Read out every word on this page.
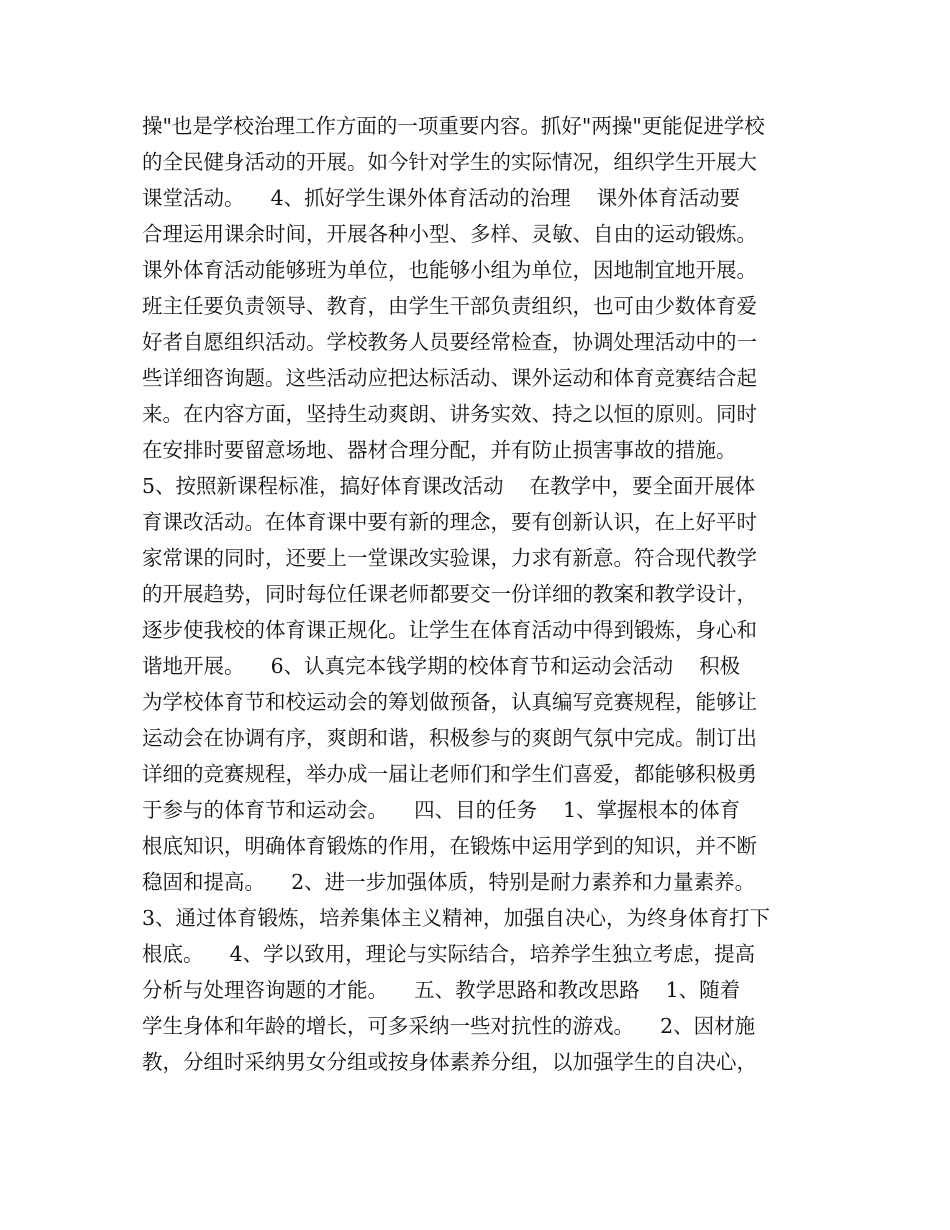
操"也是学校治理工作方面的一项重要内容。抓好"两操"更能促进学校
的全民健身活动的开展。如今针对学生的实际情况，组织学生开展大
课堂活动。    4、抓好学生课外体育活动的治理    课外体育活动要
合理运用课余时间，开展各种小型、多样、灵敏、自由的运动锻炼。
课外体育活动能够班为单位，也能够小组为单位，因地制宜地开展。
班主任要负责领导、教育，由学生干部负责组织，也可由少数体育爱
好者自愿组织活动。学校教务人员要经常检查，协调处理活动中的一
些详细咨询题。这些活动应把达标活动、课外运动和体育竞赛结合起
来。在内容方面，坚持生动爽朗、讲务实效、持之以恒的原则。同时
在安排时要留意场地、器材合理分配，并有防止损害事故的措施。
5、按照新课程标准，搞好体育课改活动    在教学中，要全面开展体
育课改活动。在体育课中要有新的理念，要有创新认识，在上好平时
家常课的同时，还要上一堂课改实验课，力求有新意。符合现代教学
的开展趋势，同时每位任课老师都要交一份详细的教案和教学设计，
逐步使我校的体育课正规化。让学生在体育活动中得到锻炼，身心和
谐地开展。    6、认真完本钱学期的校体育节和运动会活动    积极
为学校体育节和校运动会的筹划做预备，认真编写竞赛规程，能够让
运动会在协调有序，爽朗和谐，积极参与的爽朗气氛中完成。制订出
详细的竞赛规程，举办成一届让老师们和学生们喜爱，都能够积极勇
于参与的体育节和运动会。    四、目的任务    1、掌握根本的体育
根底知识，明确体育锻炼的作用，在锻炼中运用学到的知识，并不断
稳固和提高。    2、进一步加强体质，特别是耐力素养和力量素养。
3、通过体育锻炼，培养集体主义精神，加强自决心，为终身体育打下
根底。    4、学以致用，理论与实际结合，培养学生独立考虑，提高
分析与处理咨询题的才能。    五、教学思路和教改思路    1、随着
学生身体和年龄的增长，可多采纳一些对抗性的游戏。    2、因材施
教，分组时采纳男女分组或按身体素养分组，以加强学生的自决心，
